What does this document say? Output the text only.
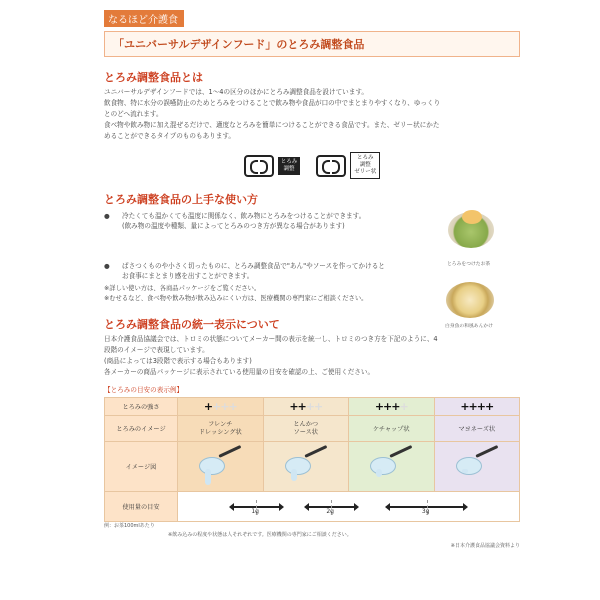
なるほど介護食
「ユニバーサルデザインフード」のとろみ調整食品
とろみ調整食品とは

ユニバーサルデザインフードでは、1〜4の区分のほかにとろみ調整食品を設けています。

飲食物、特に水分の誤嚥防止のためとろみをつけることで飲み物や食品が口の中でまとまりやすくなり、ゆっくり

とのどへ流れます。

食べ物や飲み物に加え混ぜるだけで、適度なとろみを簡単につけることができる食品です。また、ゼリー状にかた

めることができるタイプのものもあります。

とろみ
調整
とろみ
調整
ゼリー状
とろみ調整食品の上手な使い方
●	冷たくても温かくても温度に関係なく、飲み物にとろみをつけることができます。
(飲み物の温度や種類、量によってとろみのつき方が異なる場合があります)
●	ぱさつくものや小さく切ったものに、とろみ調整食品で"あん"やソースを作ってかけると
お食事にまとまり感を出すことができます。
※詳しい使い方は、各商品パッケージをご覧ください。
※むせるなど、食べ物や飲み物が飲み込みにくい方は、医療機関の専門家にご相談ください。
とろみ調整食品の統一表示について

日本介護食品協議会では、トロミの状態についてメーカー間の表示を統一し、トロミのつき方を下記のように、4

段階のイメージで表現しています。

(商品によっては3段階で表示する場合もあります)

各メーカーの商品パッケージに表示されている使用量の目安を確認の上、ご使用ください。

【とろみの目安の表示例】
とろみの強さ	++++	++++	++++	++++
とろみのイメージ	フレンチ
ドレッシング状	とんかつ
ソース状	ケチャップ状	マヨネーズ状
イメージ図	

使用量の目安	1g 2g 3g			
例：お茶100mlあたり
※飲み込みの程度や状態は人それぞれです。医療機関の専門家にご相談ください。
※日本介護食品協議会資料より
とろみをつけたお茶
白身魚の和風あんかけ
